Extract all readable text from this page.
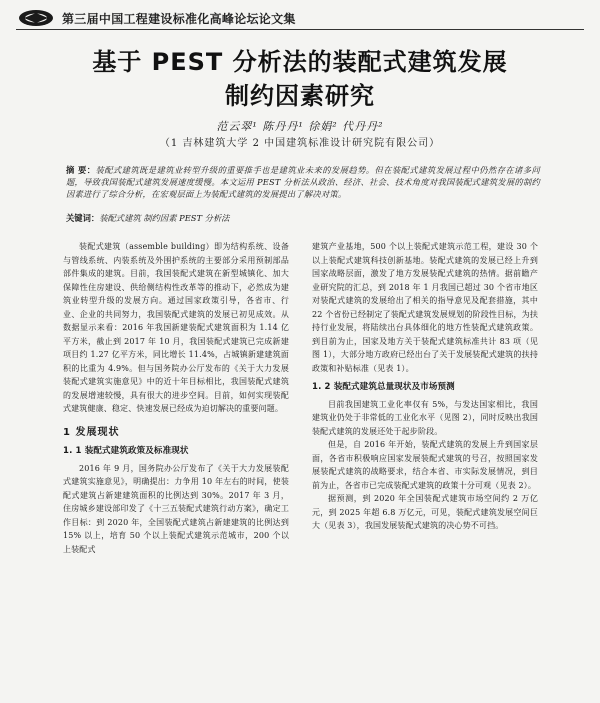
第三届中国工程建设标准化高峰论坛论文集
基于 PEST 分析法的装配式建筑发展
制约因素研究
范云翠¹ 陈丹丹¹ 徐娟² 代丹丹²
（1 吉林建筑大学 2 中国建筑标准设计研究院有限公司）
摘 要：装配式建筑既是建筑业转型升级的重要推手也是建筑业未来的发展趋势。但在装配式建筑发展过程中仍然存在诸多问题，导致我国装配式建筑发展速度缓慢。本文运用 PEST 分析法从政治、经济、社会、技术角度对我国装配式建筑发展的制约因素进行了综合分析，在宏观层面上为装配式建筑的发展提出了解决对策。
关键词：装配式建筑 制约因素 PEST 分析法

装配式建筑（assemble building）即为结构系统、设备与管线系统、内装系统及外围护系统的主要部分采用预制部品部件集成的建筑。目前，我国装配式建筑在新型城镇化、加大保障性住房建设、供给侧结构性改革等的推动下，必然成为建筑业转型升级的发展方向。通过国家政策引导，各省市、行业、企业的共同努力，我国装配式建筑的发展已初见成效。从数据显示来看：2016 年我国新建装配式建筑面积为 1.14 亿平方米，截止到 2017 年 10 月，我国装配式建筑已完成新建项目约 1.27 亿平方米，同比增长 11.4%，占城镇新建建筑面积的比重为 4.9%。但与国务院办公厅发布的《关于大力发展装配式建筑实施意见》中的近十年目标相比，我国装配式建筑的发展增速较慢，具有很大的进步空间。目前，如何实现装配式建筑健康、稳定、快速发展已经成为迫切解决的重要问题。

1 发展现状
1. 1 装配式建筑政策及标准现状

2016 年 9 月，国务院办公厅发布了《关于大力发展装配式建筑实施意见》，明确提出：力争用 10 年左右的时间，使装配式建筑占新建建筑面积的比例达到 30%。2017 年 3 月，住房城乡建设部印发了《十三五装配式建筑行动方案》，确定工作目标：到 2020 年，全国装配式建筑占新建建筑的比例达到 15% 以上，培育 50 个以上装配式建筑示范城市，200 个以上装配式

建筑产业基地，500 个以上装配式建筑示范工程，建设 30 个以上装配式建筑科技创新基地。装配式建筑的发展已经上升到国家战略层面，激发了地方发展装配式建筑的热情。据前瞻产业研究院的汇总，到 2018 年 1 月我国已超过 30 个省市地区对装配式建筑的发展给出了相关的指导意见及配套措施，其中 22 个省份已经制定了装配式建筑发展规划的阶段性目标，为扶持行业发展，将陆续出台具体细化的地方性装配式建筑政策。到目前为止，国家及地方关于装配式建筑标准共计 83 项（见图 1），大部分地方政府已经出台了关于发展装配式建筑的扶持政策和补贴标准（见表 1）。

1. 2 装配式建筑总量现状及市场预测

目前我国建筑工业化率仅有 5%，与发达国家相比，我国建筑业仍处于非常低的工业化水平（见图 2），同时反映出我国装配式建筑的发展还处于起步阶段。

但是，自 2016 年开始，装配式建筑的发展上升到国家层面，各省市积极响应国家发展装配式建筑的号召，按照国家发展装配式建筑的战略要求，结合本省、市实际发展情况，到目前为止，各省市已完成装配式建筑的政策十分可观（见表 2）。

据预测，到 2020 年全国装配式建筑市场空间约 2 万亿元，到 2025 年超 6.8 万亿元，可见，装配式建筑发展空间巨大（见表 3），我国发展装配式建筑的决心势不可挡。
